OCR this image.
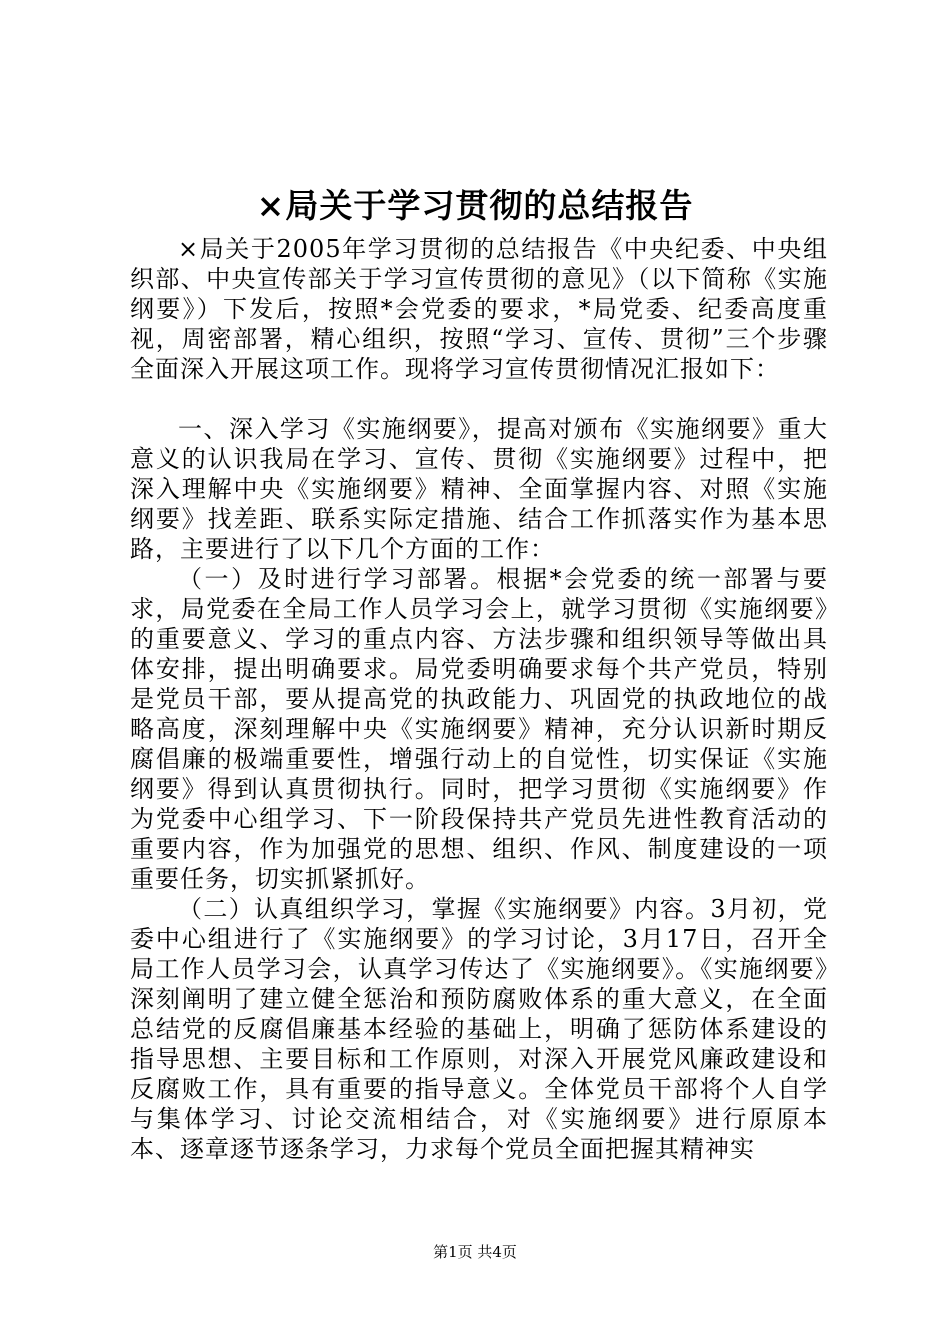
×局关于学习贯彻的总结报告

×局关于2005年学习贯彻的总结报告《中央纪委、中央组织部、中央宣传部关于学习宣传贯彻的意见》（以下简称《实施纲要》）下发后，按照*会党委的要求，*局党委、纪委高度重视，周密部署，精心组织，按照“学习、宣传、贯彻”三个步骤全面深入开展这项工作。现将学习宣传贯彻情况汇报如下：

一、深入学习《实施纲要》，提高对颁布《实施纲要》重大意义的认识我局在学习、宣传、贯彻《实施纲要》过程中，把深入理解中央《实施纲要》精神、全面掌握内容、对照《实施纲要》找差距、联系实际定措施、结合工作抓落实作为基本思路，主要进行了以下几个方面的工作：

（一）及时进行学习部署。根据*会党委的统一部署与要求，局党委在全局工作人员学习会上，就学习贯彻《实施纲要》的重要意义、学习的重点内容、方法步骤和组织领导等做出具体安排，提出明确要求。局党委明确要求每个共产党员，特别是党员干部，要从提高党的执政能力、巩固党的执政地位的战略高度，深刻理解中央《实施纲要》精神，充分认识新时期反腐倡廉的极端重要性，增强行动上的自觉性，切实保证《实施纲要》得到认真贯彻执行。同时，把学习贯彻《实施纲要》作为党委中心组学习、下一阶段保持共产党员先进性教育活动的重要内容，作为加强党的思想、组织、作风、制度建设的一项重要任务，切实抓紧抓好。

（二）认真组织学习，掌握《实施纲要》内容。3月初，党委中心组进行了《实施纲要》的学习讨论，3月17日，召开全局工作人员学习会，认真学习传达了《实施纲要》。《实施纲要》深刻阐明了建立健全惩治和预防腐败体系的重大意义，在全面总结党的反腐倡廉基本经验的基础上，明确了惩防体系建设的指导思想、主要目标和工作原则，对深入开展党风廉政建设和反腐败工作，具有重要的指导意义。全体党员干部将个人自学与集体学习、讨论交流相结合，对《实施纲要》进行原原本本、逐章逐节逐条学习，力求每个党员全面把握其精神实

第1页 共4页
